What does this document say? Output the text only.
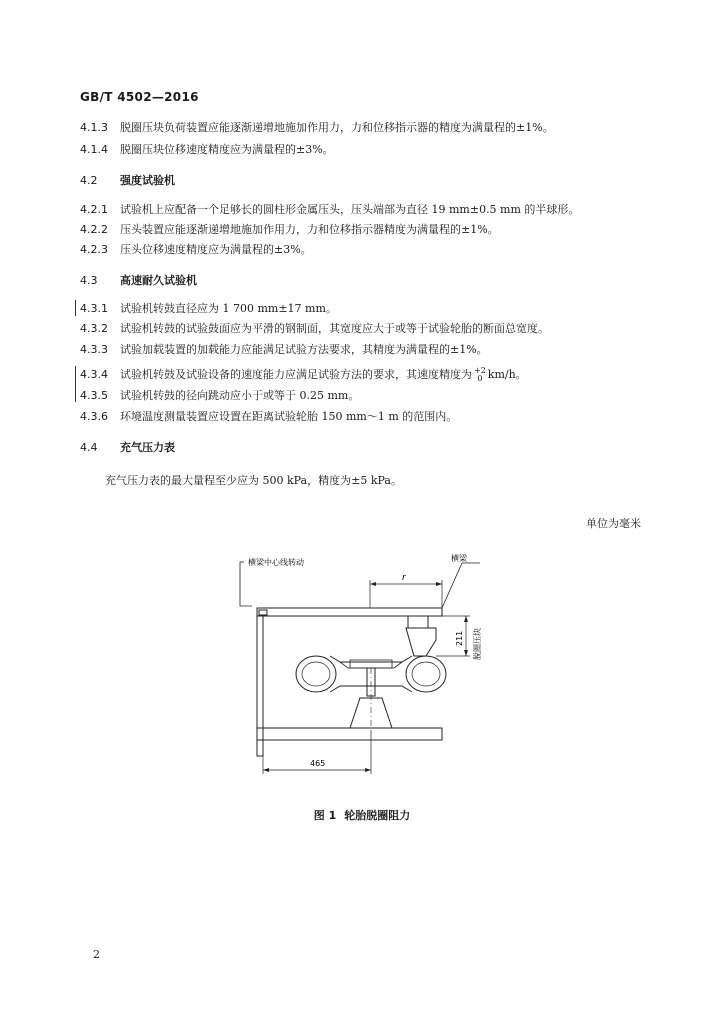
GB/T 4502—2016
4.1.3 脱圈压块负荷装置应能逐渐递增地施加作用力，力和位移指示器的精度为满量程的±1%。
4.1.4 脱圈压块位移速度精度应为满量程的±3%。
4.2 强度试验机
4.2.1 试验机上应配备一个足够长的圆柱形金属压头，压头端部为直径 19 mm±0.5 mm 的半球形。
4.2.2 压头装置应能逐渐递增地施加作用力，力和位移指示器精度为满量程的±1%。
4.2.3 压头位移速度精度应为满量程的±3%。
4.3 高速耐久试验机
4.3.1 试验机转鼓直径应为 1 700 mm±17 mm。
4.3.2 试验机转鼓的试验鼓面应为平滑的钢制面，其宽度应大于或等于试验轮胎的断面总宽度。
4.3.3 试验加载装置的加载能力应能满足试验方法要求，其精度为满量程的±1%。
4.3.4 试验机转鼓及试验设备的速度能力应满足试验方法的要求，其速度精度为 +2
0 km/h。
4.3.5 试验机转鼓的径向跳动应小于或等于 0.25 mm。
4.3.6 环境温度测量装置应设置在距离试验轮胎 150 mm～1 m 的范围内。
4.4 充气压力表
充气压力表的最大量程至少应为 500 kPa，精度为±5 kPa。
单位为毫米
横梁中心线转动	横梁
r
211 脱圈压块
465
图 1 轮胎脱圈阻力
2
